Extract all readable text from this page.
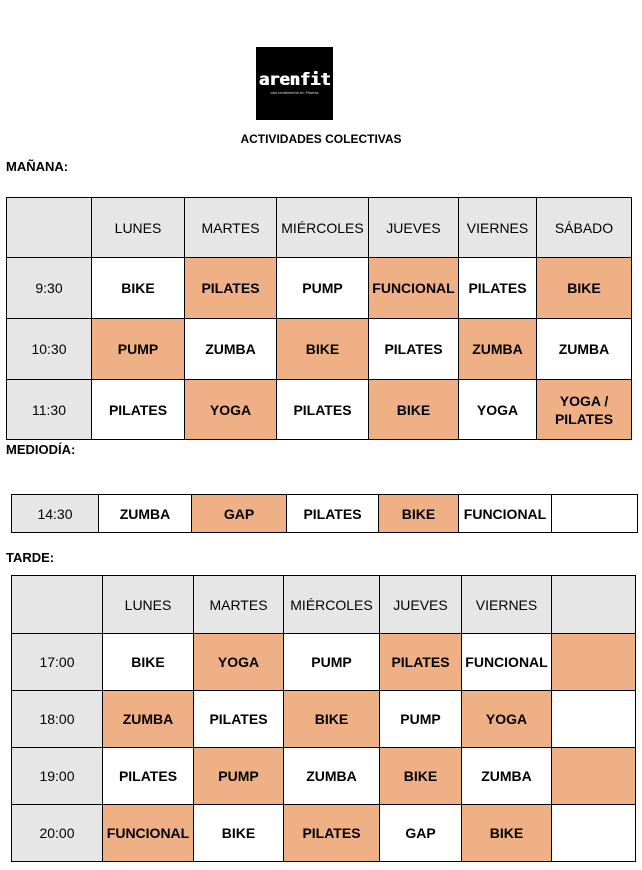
arenfit
alto rendimiento en Fitness
ACTIVIDADES COLECTIVAS
MAÑANA:
	LUNES	MARTES	MIÉRCOLES	JUEVES	VIERNES	SÁBADO
9:30	BIKE	PILATES	PUMP	FUNCIONAL	PILATES	BIKE
10:30	PUMP	ZUMBA	BIKE	PILATES	ZUMBA	ZUMBA
11:30	PILATES	YOGA	PILATES	BIKE	YOGA	YOGA / PILATES
MEDIODÍA:
14:30	ZUMBA	GAP	PILATES	BIKE	FUNCIONAL	
TARDE:
	LUNES	MARTES	MIÉRCOLES	JUEVES	VIERNES	
17:00	BIKE	YOGA	PUMP	PILATES	FUNCIONAL	
18:00	ZUMBA	PILATES	BIKE	PUMP	YOGA	
19:00	PILATES	PUMP	ZUMBA	BIKE	ZUMBA	
20:00	FUNCIONAL	BIKE	PILATES	GAP	BIKE	
